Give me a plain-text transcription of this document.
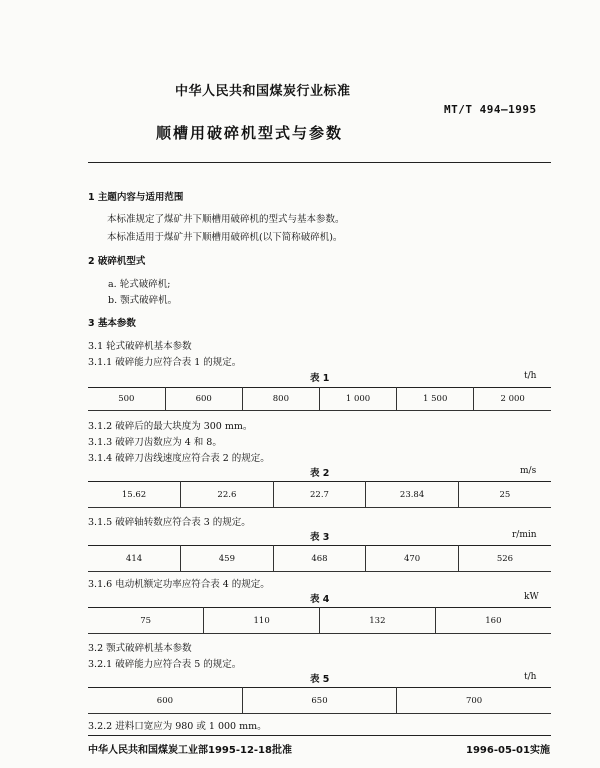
中华人民共和国煤炭行业标准
MT/T 494—1995
顺槽用破碎机型式与参数
1 主题内容与适用范围
本标准规定了煤矿井下顺槽用破碎机的型式与基本参数。
本标准适用于煤矿井下顺槽用破碎机(以下简称破碎机)。
2 破碎机型式
a. 轮式破碎机;
b. 颚式破碎机。
3 基本参数
3.1 轮式破碎机基本参数
3.1.1 破碎能力应符合表 1 的规定。
表 1	t/h
500	600	800	1 000	1 500	2 000
3.1.2 破碎后的最大块度为 300 mm。
3.1.3 破碎刀齿数应为 4 和 8。
3.1.4 破碎刀齿线速度应符合表 2 的规定。
表 2	m/s
15.62	22.6	22.7	23.84	25
3.1.5 破碎轴转数应符合表 3 的规定。
表 3	r/min
414	459	468	470	526
3.1.6 电动机额定功率应符合表 4 的规定。
表 4	kW
75	110	132	160
3.2 颚式破碎机基本参数
3.2.1 破碎能力应符合表 5 的规定。
表 5	t/h
600	650	700
3.2.2 进料口宽应为 980 或 1 000 mm。
中华人民共和国煤炭工业部1995-12-18批准	1996-05-01实施
